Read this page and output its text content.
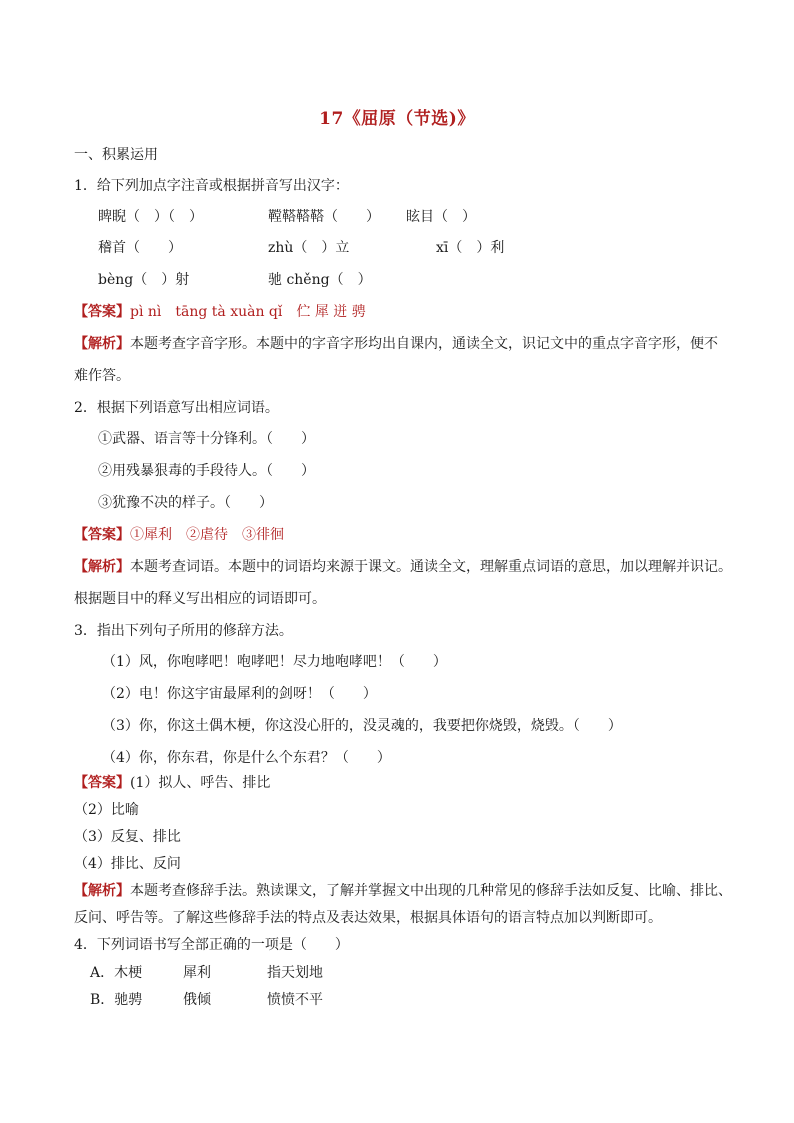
17《屈原（节选)》
一、积累运用
1．给下列加点字注音或根据拼音写出汉字：
睥睨（　）（　）	鞺鞳鞳鞳（　　） 眩目（　）
稽首（　　）	zhù（　）立	xī（　）利
bèng（　）射	驰 chěng（　）
【答案】pì nì　tāng tà xuàn qǐ　伫 犀 迸 骋
【解析】本题考查字音字形。本题中的字音字形均出自课内，通读全文，识记文中的重点字音字形，便不
难作答。
2．根据下列语意写出相应词语。
①武器、语言等十分锋利。（　　）
②用残暴狠毒的手段待人。（　　）
③犹豫不决的样子。（　　）
【答案】①犀利 ②虐待 ③徘徊
【解析】本题考查词语。本题中的词语均来源于课文。通读全文，理解重点词语的意思，加以理解并识记。
根据题目中的释义写出相应的词语即可。
3．指出下列句子所用的修辞方法。
（1）风，你咆哮吧！咆哮吧！尽力地咆哮吧！（　　）
（2）电！你这宇宙最犀利的剑呀！（　　）
（3）你，你这土偶木梗，你这没心肝的，没灵魂的，我要把你烧毁，烧毁。（　　）
（4）你，你东君，你是什么个东君？（　　）
【答案】(1）拟人、呼告、排比
（2）比喻
（3）反复、排比
（4）排比、反问
【解析】本题考查修辞手法。熟读课文，了解并掌握文中出现的几种常见的修辞手法如反复、比喻、排比、
反问、呼告等。了解这些修辞手法的特点及表达效果，根据具体语句的语言特点加以判断即可。
4．下列词语书写全部正确的一项是（　　）
A．木梗	犀利	指天划地
B．驰骋	俄倾	愤愤不平
